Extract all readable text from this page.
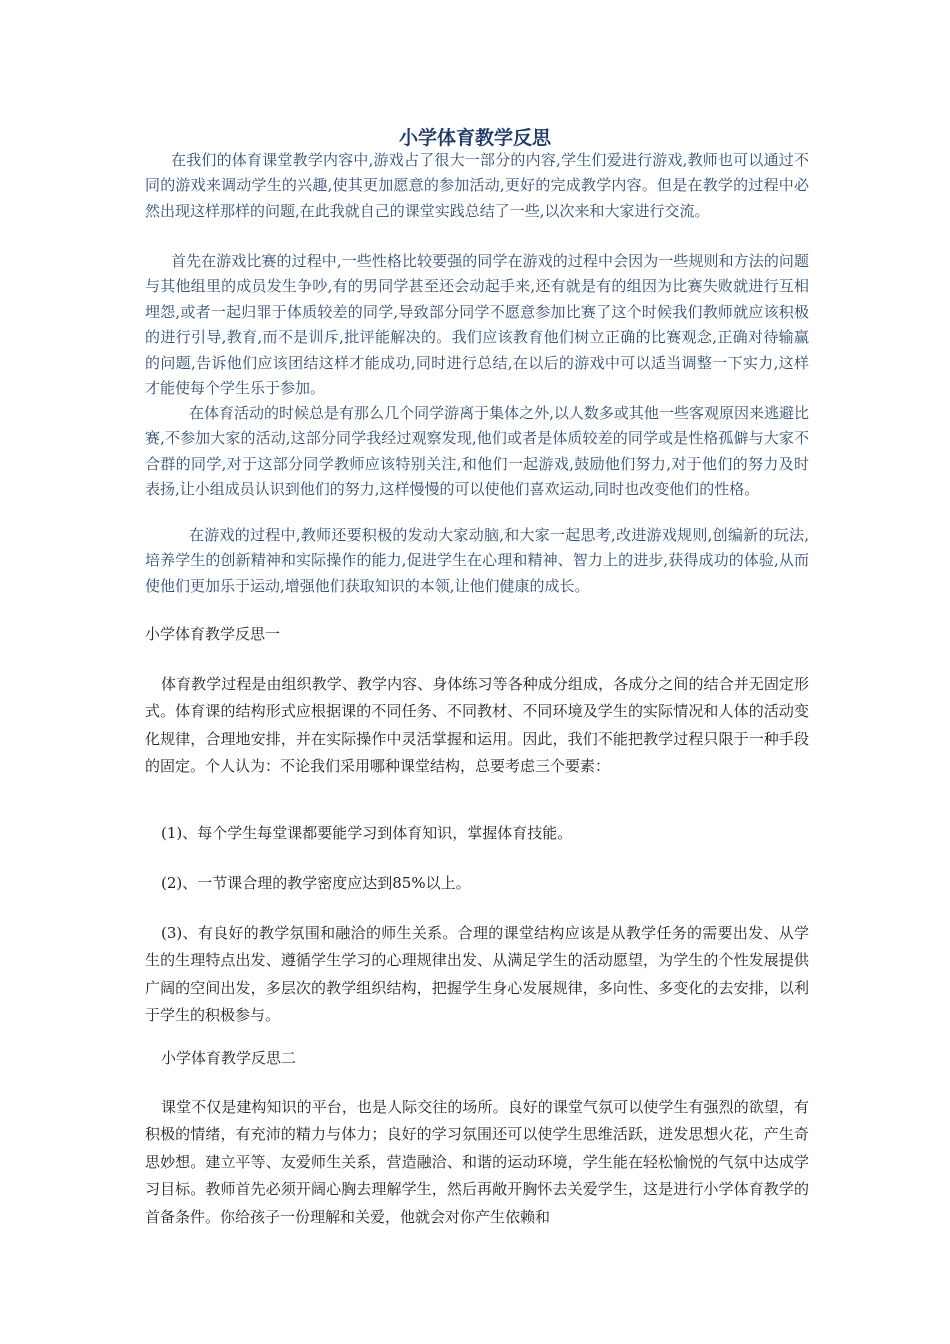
小学体育教学反思

在我们的体育课堂教学内容中,游戏占了很大一部分的内容,学生们爱进行游戏,教师也可以通过不同的游戏来调动学生的兴趣,使其更加愿意的参加活动,更好的完成教学内容。但是在教学的过程中必然出现这样那样的问题,在此我就自己的课堂实践总结了一些,以次来和大家进行交流。

首先在游戏比赛的过程中,一些性格比较要强的同学在游戏的过程中会因为一些规则和方法的问题与其他组里的成员发生争吵,有的男同学甚至还会动起手来,还有就是有的组因为比赛失败就进行互相埋怨,或者一起归罪于体质较差的同学,导致部分同学不愿意参加比赛了这个时候我们教师就应该积极的进行引导,教育,而不是训斥,批评能解决的。我们应该教育他们树立正确的比赛观念,正确对待输赢的问题,告诉他们应该团结这样才能成功,同时进行总结,在以后的游戏中可以适当调整一下实力,这样才能使每个学生乐于参加。

在体育活动的时候总是有那么几个同学游离于集体之外,以人数多或其他一些客观原因来逃避比赛,不参加大家的活动,这部分同学我经过观察发现,他们或者是体质较差的同学或是性格孤僻与大家不合群的同学,对于这部分同学教师应该特别关注,和他们一起游戏,鼓励他们努力,对于他们的努力及时表扬,让小组成员认识到他们的努力,这样慢慢的可以使他们喜欢运动,同时也改变他们的性格。

在游戏的过程中,教师还要积极的发动大家动脑,和大家一起思考,改进游戏规则,创编新的玩法,培养学生的创新精神和实际操作的能力,促进学生在心理和精神、智力上的进步,获得成功的体验,从而使他们更加乐于运动,增强他们获取知识的本领,让他们健康的成长。

小学体育教学反思一

体育教学过程是由组织教学、教学内容、身体练习等各种成分组成，各成分之间的结合并无固定形式。体育课的结构形式应根据课的不同任务、不同教材、不同环境及学生的实际情况和人体的活动变化规律，合理地安排，并在实际操作中灵活掌握和运用。因此，我们不能把教学过程只限于一种手段的固定。个人认为：不论我们采用哪种课堂结构，总要考虑三个要素：

(1)、每个学生每堂课都要能学习到体育知识，掌握体育技能。

(2)、一节课合理的教学密度应达到85%以上。

(3)、有良好的教学氛围和融洽的师生关系。合理的课堂结构应该是从教学任务的需要出发、从学生的生理特点出发、遵循学生学习的心理规律出发、从满足学生的活动愿望，为学生的个性发展提供广阔的空间出发，多层次的教学组织结构，把握学生身心发展规律，多向性、多变化的去安排，以利于学生的积极参与。

小学体育教学反思二

课堂不仅是建构知识的平台，也是人际交往的场所。良好的课堂气氛可以使学生有强烈的欲望，有积极的情绪，有充沛的精力与体力；良好的学习氛围还可以使学生思维活跃，迸发思想火花，产生奇思妙想。建立平等、友爱师生关系，营造融洽、和谐的运动环境，学生能在轻松愉悦的气氛中达成学习目标。教师首先必须开阔心胸去理解学生，然后再敞开胸怀去关爱学生，这是进行小学体育教学的首备条件。你给孩子一份理解和关爱，他就会对你产生依赖和
